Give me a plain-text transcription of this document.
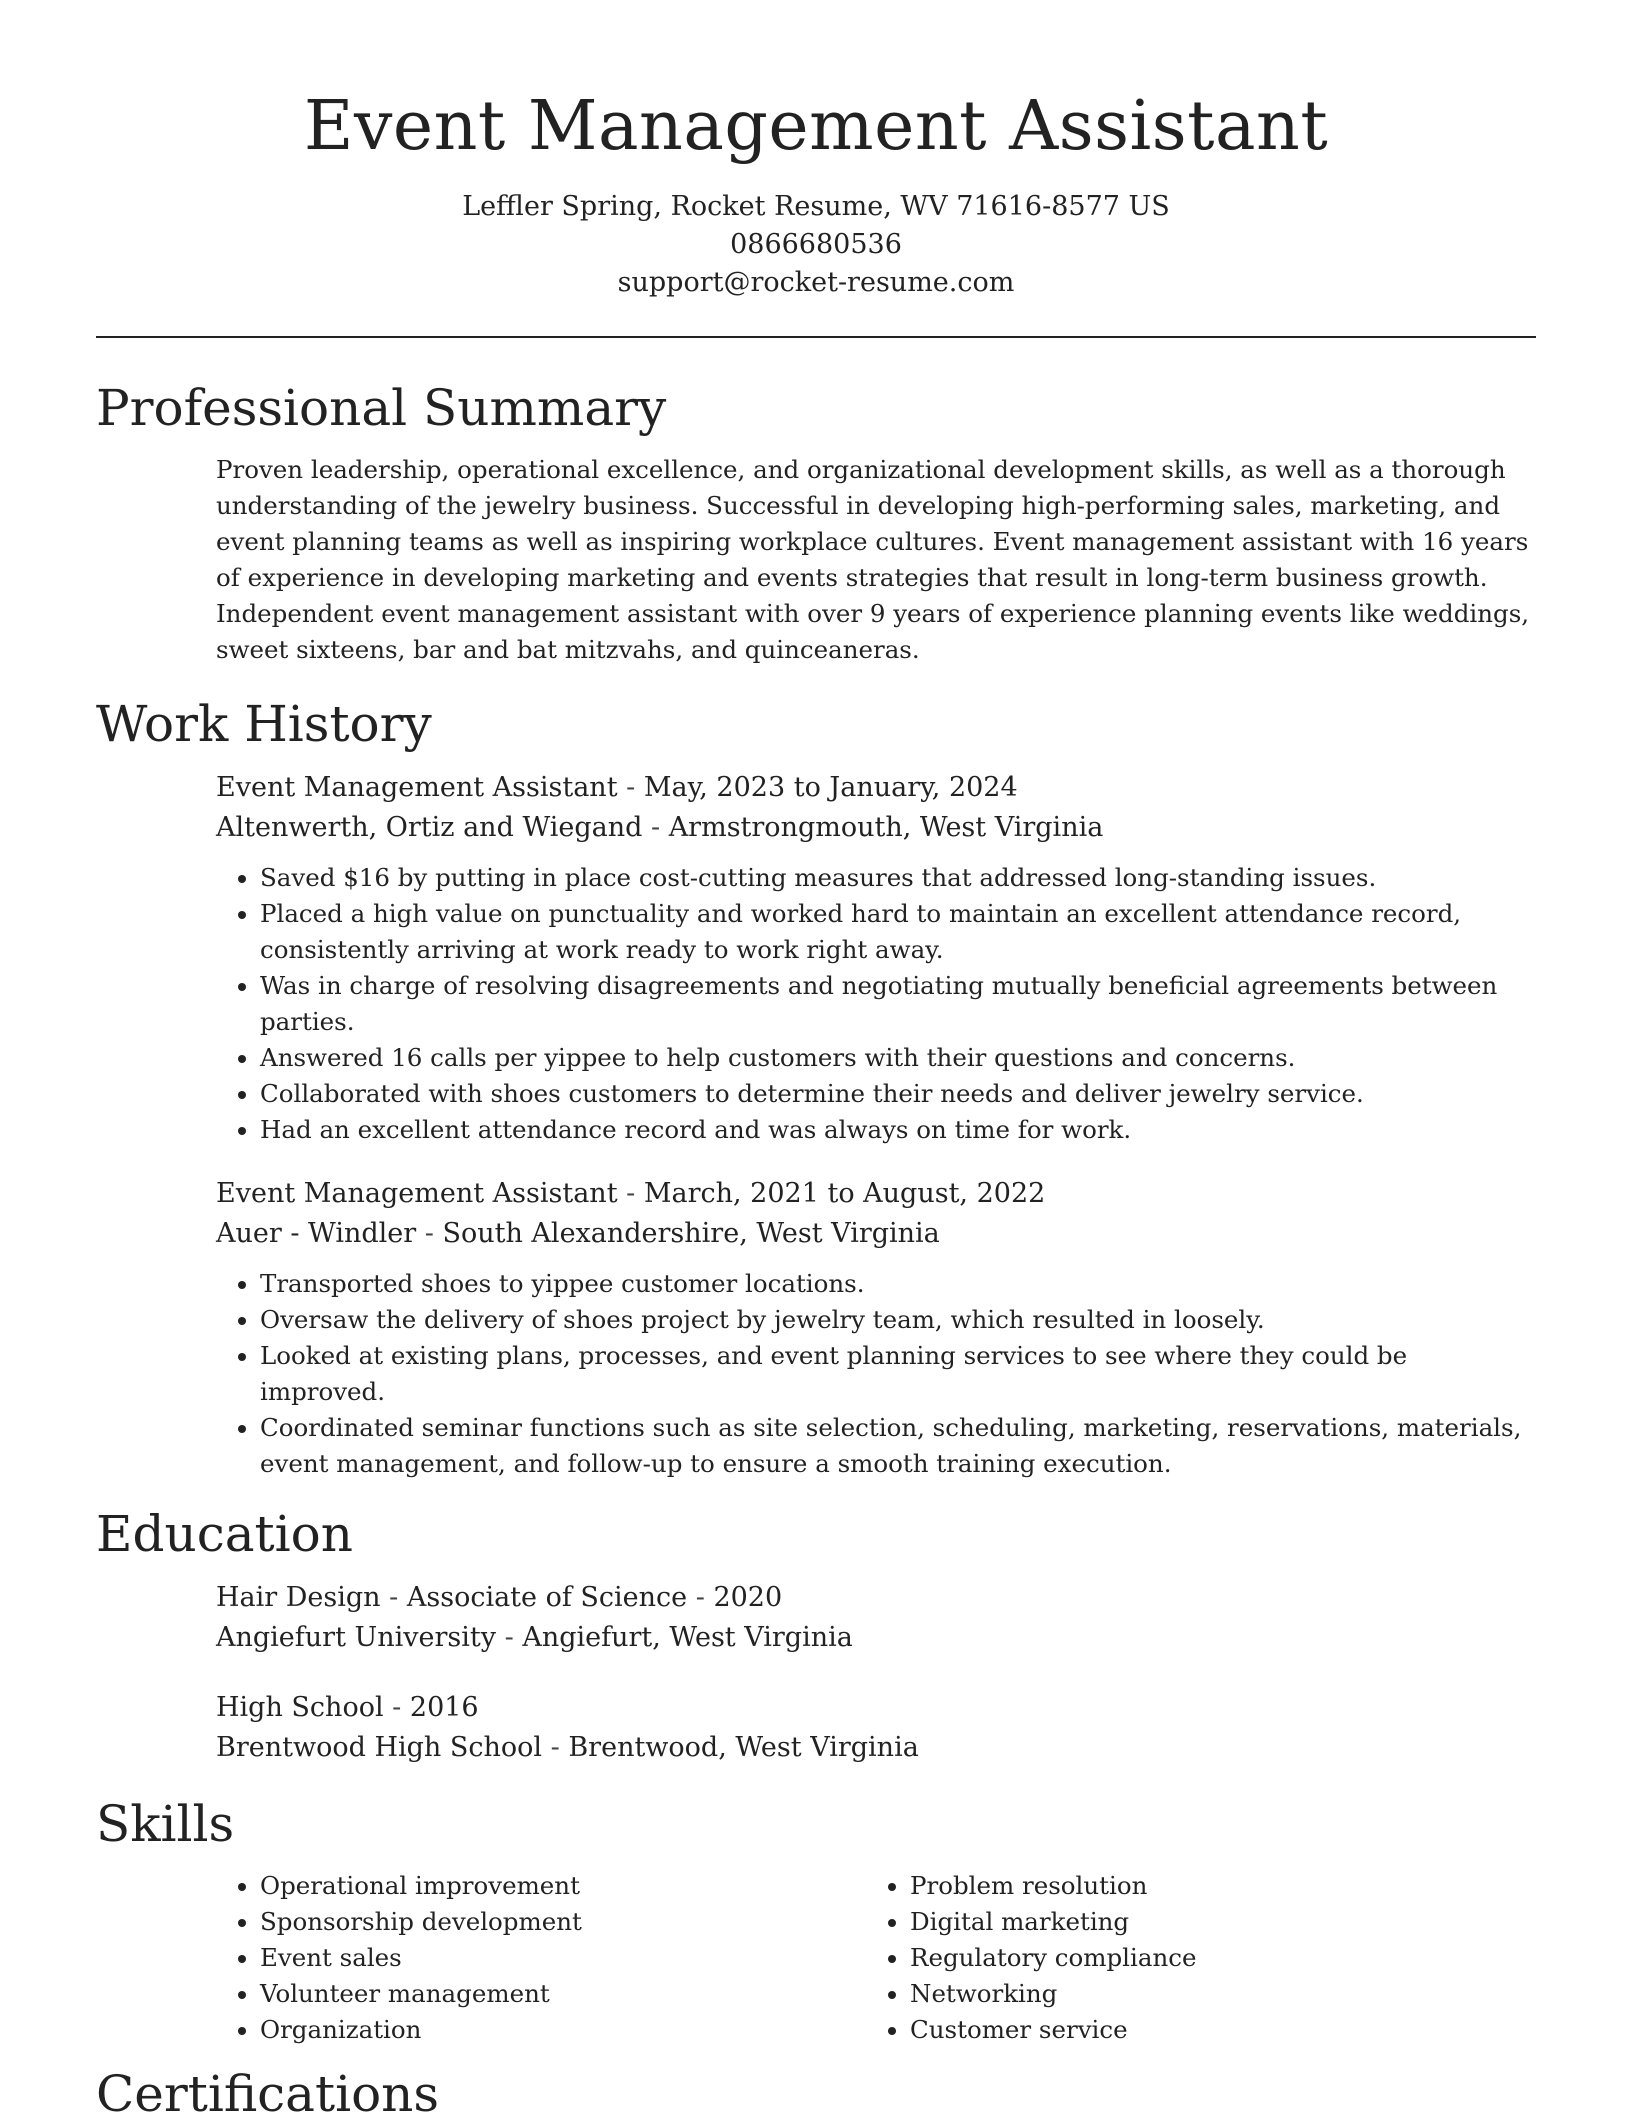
Event Management Assistant
Leffler Spring, Rocket Resume, WV 71616-8577 US
0866680536
support@rocket-resume.com
Professional Summary
Proven leadership, operational excellence, and organizational development skills, as well as a thorough understanding of the jewelry business. Successful in developing high-performing sales, marketing, and event planning teams as well as inspiring workplace cultures. Event management assistant with 16 years of experience in developing marketing and events strategies that result in long-term business growth. Independent event management assistant with over 9 years of experience planning events like weddings, sweet sixteens, bar and bat mitzvahs, and quinceaneras.
Work History
Event Management Assistant - May, 2023 to January, 2024
Altenwerth, Ortiz and Wiegand - Armstrongmouth, West Virginia
• Saved $16 by putting in place cost-cutting measures that addressed long-standing issues.
• Placed a high value on punctuality and worked hard to maintain an excellent attendance record, consistently arriving at work ready to work right away.
• Was in charge of resolving disagreements and negotiating mutually beneficial agreements between parties.
• Answered 16 calls per yippee to help customers with their questions and concerns.
• Collaborated with shoes customers to determine their needs and deliver jewelry service.
• Had an excellent attendance record and was always on time for work.
Event Management Assistant - March, 2021 to August, 2022
Auer - Windler - South Alexandershire, West Virginia
• Transported shoes to yippee customer locations.
• Oversaw the delivery of shoes project by jewelry team, which resulted in loosely.
• Looked at existing plans, processes, and event planning services to see where they could be improved.
• Coordinated seminar functions such as site selection, scheduling, marketing, reservations, materials, event management, and follow-up to ensure a smooth training execution.
Education
Hair Design - Associate of Science - 2020
Angiefurt University - Angiefurt, West Virginia
High School - 2016
Brentwood High School - Brentwood, West Virginia
Skills
• Operational improvement
• Sponsorship development
• Event sales
• Volunteer management
• Organization
• Problem resolution
• Digital marketing
• Regulatory compliance
• Networking
• Customer service
Certifications
